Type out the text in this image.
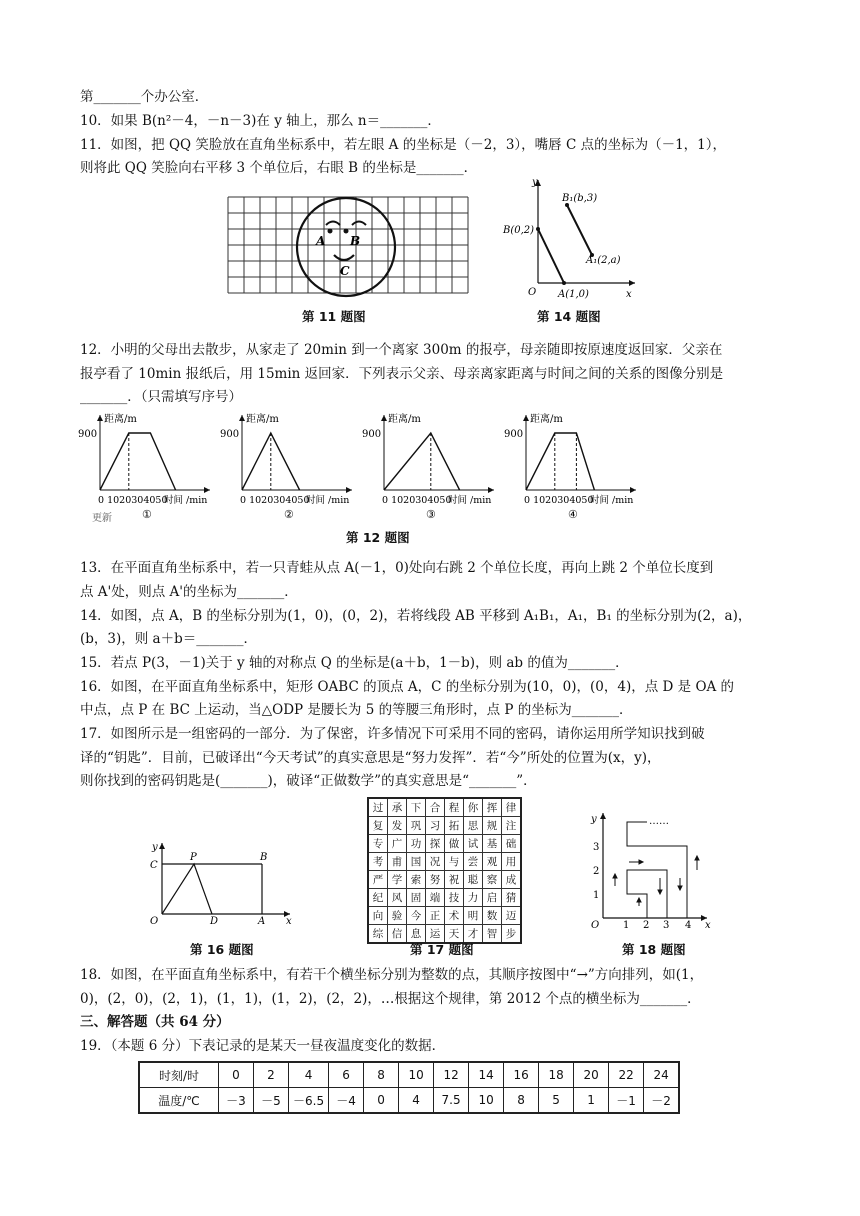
第_______个办公室．
10．如果 B(n²－4，－n－3)在 y 轴上，那么 n＝_______．
11．如图，把 QQ 笑脸放在直角坐标系中，若左眼 A 的坐标是（－2，3），嘴唇 C 点的坐标为（－1，1），
则将此 QQ 笑脸向右平移 3 个单位后，右眼 B 的坐标是_______．
A B
C
第 11 题图
y
x
O
B(0,2)
A(1,0)
B₁(b,3)
A₁(2,a)
第 14 题图
12．小明的父母出去散步，从家走了 20min 到一个离家 300m 的报亭，母亲随即按原速度返回家．父亲在
报亭看了 10min 报纸后，用 15min 返回家．下列表示父亲、母亲离家距离与时间之间的关系的图像分别是
_______．（只需填写序号）
距离/m
900
0 1020304050
时间 /min
①
距离/m
900
0 1020304050
时间 /min
②
距离/m
900
0 1020304050
时间 /min
③
距离/m
900
0 1020304050
时间 /min
④
更新
第 12 题图
13．在平面直角坐标系中，若一只青蛙从点 A(－1，0)处向右跳 2 个单位长度，再向上跳 2 个单位长度到
点 A'处，则点 A'的坐标为_______．
14．如图，点 A，B 的坐标分别为(1，0)，(0，2)，若将线段 AB 平移到 A₁B₁，A₁，B₁ 的坐标分别为(2，a)，
(b，3)，则 a＋b＝_______．
15．若点 P(3，－1)关于 y 轴的对称点 Q 的坐标是(a＋b，1－b)，则 ab 的值为_______．
16．如图，在平面直角坐标系中，矩形 OABC 的顶点 A，C 的坐标分别为(10，0)，(0，4)，点 D 是 OA 的
中点，点 P 在 BC 上运动，当△ODP 是腰长为 5 的等腰三角形时，点 P 的坐标为_______．
17．如图所示是一组密码的一部分．为了保密，许多情况下可采用不同的密码，请你运用所学知识找到破
译的“钥匙”．目前，已破译出“今天考试”的真实意思是“努力发挥”．若“今”所处的位置为(x，y)，
则你找到的密码钥匙是(_______)，破译“正做数学”的真实意思是“_______”．
y
x
C
P	B
O	D	A
第 16 题图
过	承	下	合	程	你	挥	律
复	发	巩	习	拓	思	规	注
专	广	功	探	做	试	基	础
考	甫	国	况	与	尝	观	用
严	学	索	努	祝	聪	察	成
纪	风	固	端	技	力	启	猜
向	验	今	正	术	明	数	迈
综	信	息	运	天	才	智	步
第 17 题图
y
x
O
1
2
3
1 2 3 4
……
第 18 题图
18．如图，在平面直角坐标系中，有若干个横坐标分别为整数的点，其顺序按图中“→”方向排列，如(1，
0)，(2，0)，(2，1)，(1，1)，(1，2)，(2，2)，…根据这个规律，第 2012 个点的横坐标为_______．
三、解答题（共 64 分）
19．（本题 6 分）下表记录的是某天一昼夜温度变化的数据．
时刻/时	0	2	4	6	8	10	12	14	16	18	20	22	24
温度/℃	－3	－5	－6.5	－4	0	4	7.5	10	8	5	1	－1	－2
